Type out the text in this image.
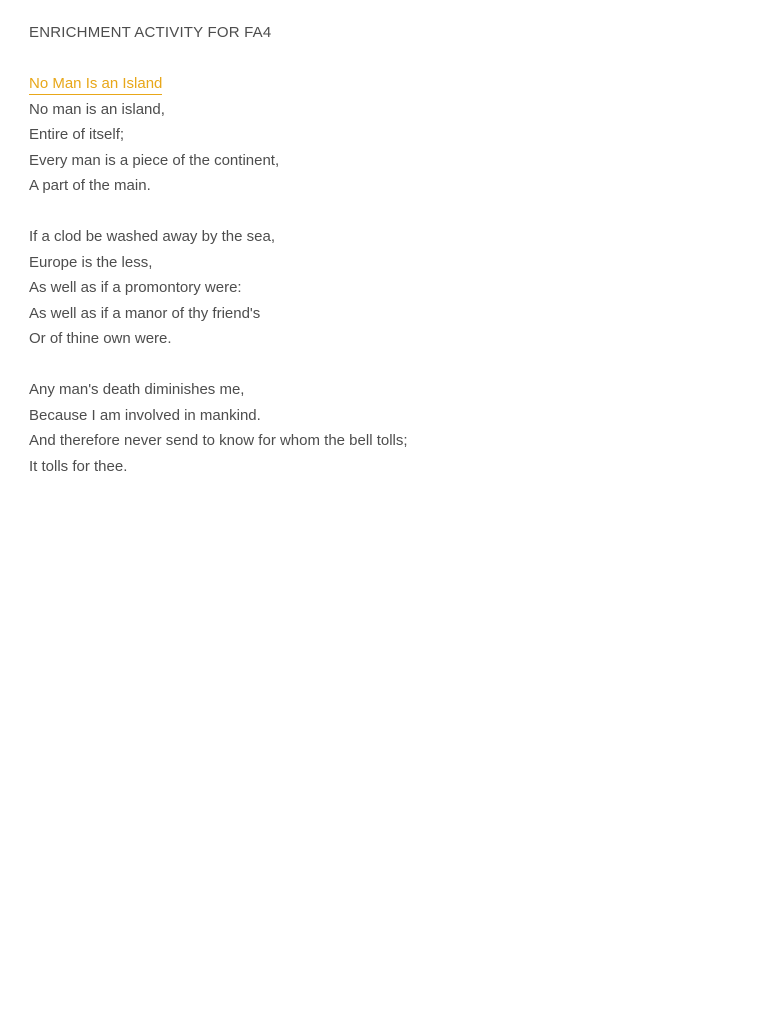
ENRICHMENT ACTIVITY FOR FA4
No Man Is an Island
No man is an island,
Entire of itself;
Every man is a piece of the continent,
A part of the main.
If a clod be washed away by the sea,
Europe is the less,
As well as if a promontory were:
As well as if a manor of thy friend's
Or of thine own were.
Any man's death diminishes me,
Because I am involved in mankind.
And therefore never send to know for whom the bell tolls;
It tolls for thee.
